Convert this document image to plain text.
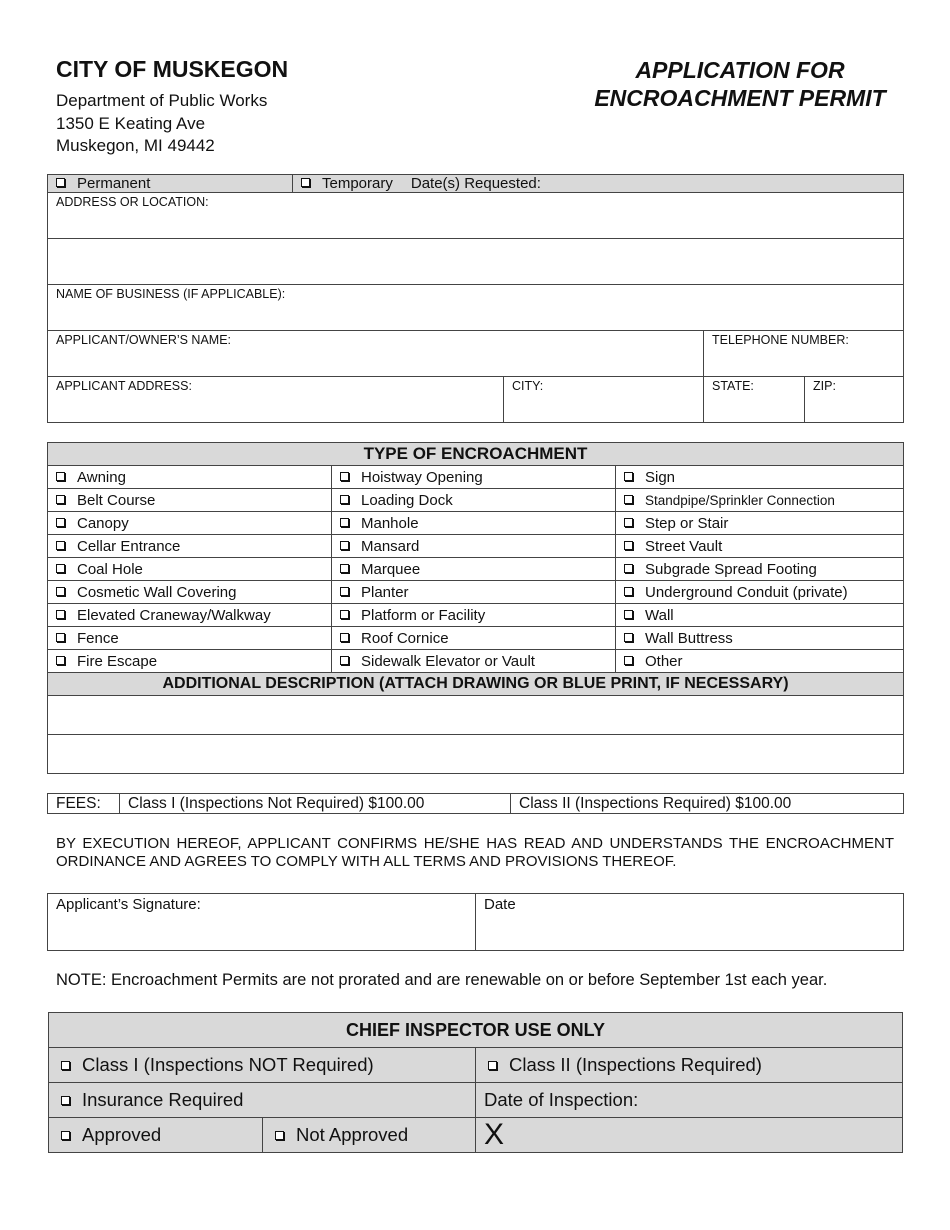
CITY OF MUSKEGON
Department of Public Works
1350 E Keating Ave
Muskegon, MI 49442
APPLICATION FOR
ENCROACHMENT PERMIT
Permanent	Temporary Date(s) Requested:			
ADDRESS OR LOCATION:				

NAME OF BUSINESS (IF APPLICABLE):				
APPLICANT/OWNER’S NAME:			TELEPHONE NUMBER:	
APPLICANT ADDRESS:		CITY:	STATE:	ZIP:
TYPE OF ENCROACHMENT		
Awning	Hoistway Opening	Sign
Belt Course	Loading Dock	Standpipe/Sprinkler Connection
Canopy	Manhole	Step or Stair
Cellar Entrance	Mansard	Street Vault
Coal Hole	Marquee	Subgrade Spread Footing
Cosmetic Wall Covering	Planter	Underground Conduit (private)
Elevated Craneway/Walkway	Platform or Facility	Wall
Fence	Roof Cornice	Wall Buttress
Fire Escape	Sidewalk Elevator or Vault	Other
ADDITIONAL DESCRIPTION (ATTACH DRAWING OR BLUE PRINT, IF NECESSARY)		

FEES:	Class I (Inspections Not Required) $100.00	Class II (Inspections Required) $100.00
BY EXECUTION HEREOF, APPLICANT CONFIRMS HE/SHE HAS READ AND UNDERSTANDS THE ENCROACHMENT ORDINANCE AND AGREES TO COMPLY WITH ALL TERMS AND PROVISIONS THEREOF.
Applicant’s Signature:	Date
NOTE: Encroachment Permits are not prorated and are renewable on or before September 1st each year.
CHIEF INSPECTOR USE ONLY		
Class I (Inspections NOT Required)		Class II (Inspections Required)
Insurance Required		Date of Inspection:
Approved	Not Approved	X
